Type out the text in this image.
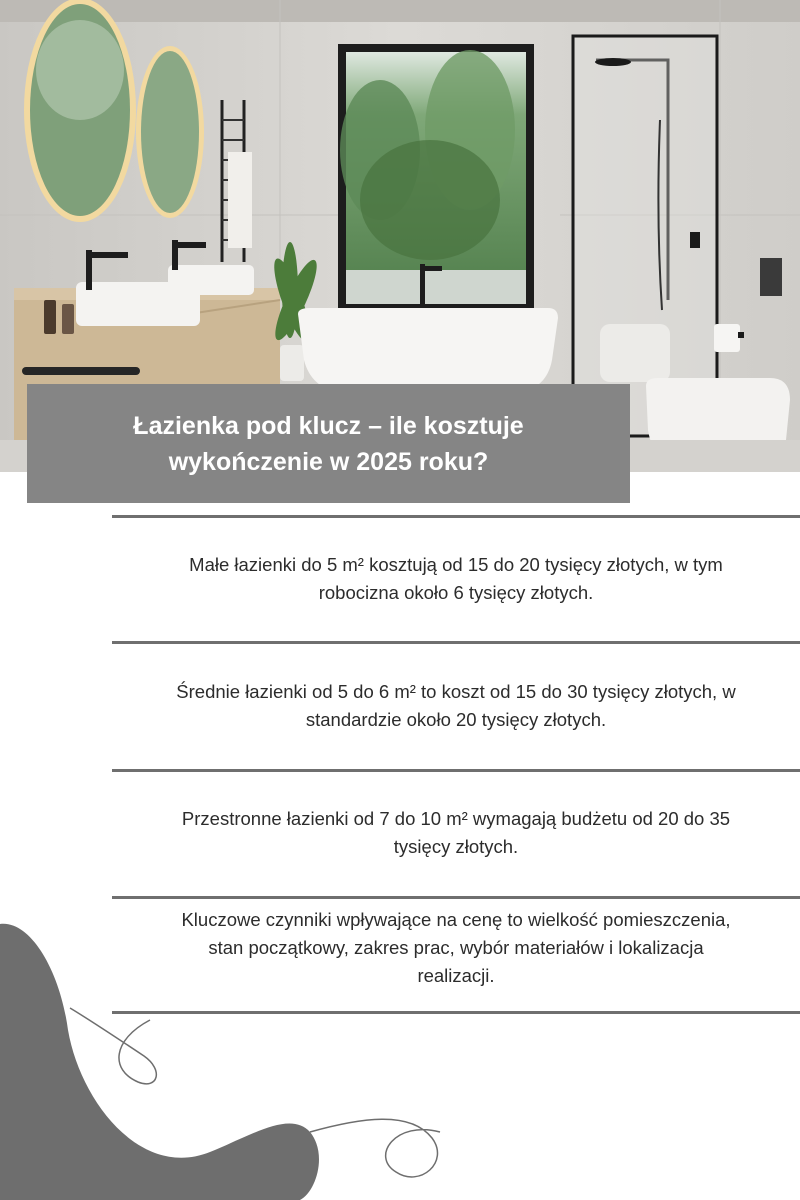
Łazienka pod klucz – ile kosztuje
wykończenie w 2025 roku?
Małe łazienki do 5 m² kosztują od 15 do 20 tysięcy złotych, w tym
robocizna około 6 tysięcy złotych.
Średnie łazienki od 5 do 6 m² to koszt od 15 do 30 tysięcy złotych, w
standardzie około 20 tysięcy złotych.
Przestronne łazienki od 7 do 10 m² wymagają budżetu od 20 do 35
tysięcy złotych.
Kluczowe czynniki wpływające na cenę to wielkość pomieszczenia,
stan początkowy, zakres prac, wybór materiałów i lokalizacja
realizacji.
